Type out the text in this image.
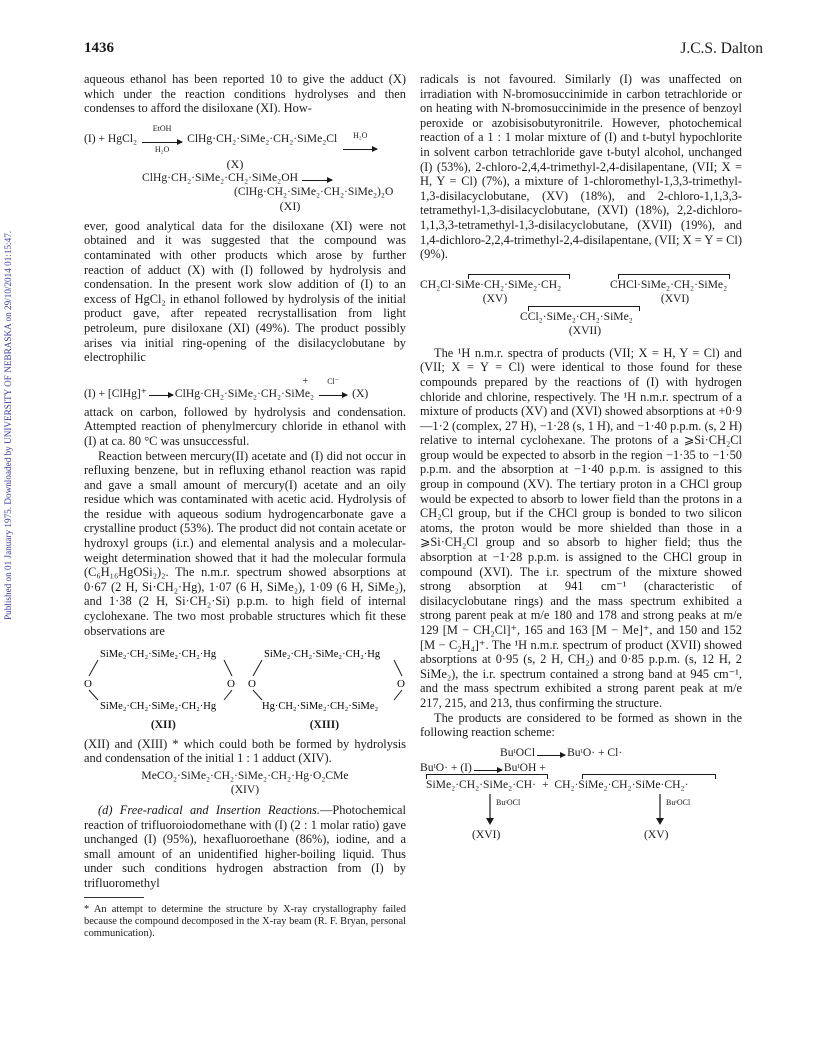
Published on 01 January 1975. Downloaded by UNIVERSITY OF NEBRASKA on 29/10/2014 01:15:47.
1436	J.C.S. Dalton

aqueous ethanol has been reported 10 to give the adduct (X) which under the reaction conditions hydrolyses and then condenses to afford the disiloxane (XI). How-

(I) + HgCl₂
EtOH
H₂O
ClHg·CH₂·SiMe₂·CH₂·SiMe₂Cl H₂O
(X)
ClHg·CH₂·SiMe₂·CH₂·SiMe₂OH
(ClHg·CH₂·SiMe₂·CH₂·SiMe₂)₂O
(XI)

ever, good analytical data for the disiloxane (XI) were not obtained and it was suggested that the compound was contaminated with other products which arose by further reaction of adduct (X) with (I) followed by hydrolysis and condensation. In the present work slow addition of (I) to an excess of HgCl₂ in ethanol followed by hydrolysis of the initial product gave, after repeated recrystallisation from light petroleum, pure disiloxane (XI) (49%). The product possibly arises via initial ring-opening of the disilacyclobutane by electrophilic

(I) + [ClHg]⁺ ClHg·CH₂·SiMe₂·CH₂·SiMe₂
+ Cl⁻
(X)

attack on carbon, followed by hydrolysis and condensation. Attempted reaction of phenylmercury chloride in ethanol with (I) at ca. 80 °C was unsuccessful.

Reaction between mercury(II) acetate and (I) did not occur in refluxing benzene, but in refluxing ethanol reaction was rapid and gave a small amount of mercury(I) acetate and an oily residue which was contaminated with acetic acid. Hydrolysis of the residue with aqueous sodium hydrogencarbonate gave a crystalline product (53%). The product did not contain acetate or hydroxyl groups (i.r.) and elemental analysis and a molecular-weight determination showed that it had the molecular formula (C₆H₁₆HgOSi₂)₂. The n.m.r. spectrum showed absorptions at 0·67 (2 H, Si·CH₂·Hg), 1·07 (6 H, SiMe₂), 1·09 (6 H, SiMe₂), and 1·38 (2 H, Si·CH₂·Si) p.p.m. to high field of internal cyclohexane. The two most probable structures which fit these observations are

SiMe₂·CH₂·SiMe₂·CH₂·Hg
O
SiMe₂·CH₂·SiMe₂·CH₂·Hg
O
SiMe₂·CH₂·SiMe₂·CH₂·Hg
O
Hg·CH₂·SiMe₂·CH₂·SiMe₂
O
(XII)	(XIII)

(XII) and (XIII) * which could both be formed by hydrolysis and condensation of the initial 1 : 1 adduct (XIV).

MeCO₂·SiMe₂·CH₂·SiMe₂·CH₂·Hg·O₂CMe
(XIV)

(d) Free-radical and Insertion Reactions.—Photochemical reaction of trifluoroiodomethane with (I) (2 : 1 molar ratio) gave unchanged (I) (95%), hexafluoroethane (86%), iodine, and a small amount of an unidentified higher-boiling liquid. Thus under such conditions hydrogen abstraction from (I) by trifluoromethyl

* An attempt to determine the structure by X-ray crystallography failed because the compound decomposed in the X-ray beam (R. F. Bryan, personal communication).

radicals is not favoured. Similarly (I) was unaffected on irradiation with N-bromosuccinimide in carbon tetrachloride or on heating with N-bromosuccinimide in the presence of benzoyl peroxide or azobisisobutyronitrile. However, photochemical reaction of a 1 : 1 molar mixture of (I) and t-butyl hypochlorite in solvent carbon tetrachloride gave t-butyl alcohol, unchanged (I) (53%), 2-chloro-2,4,4-trimethyl-2,4-disilapentane, (VII; X = H, Y = Cl) (7%), a mixture of 1-chloromethyl-1,3,3-trimethyl-1,3-disilacyclobutane, (XV) (18%), and 2-chloro-1,1,3,3-tetramethyl-1,3-disilacyclobutane, (XVI) (18%), 2,2-dichloro-1,1,3,3-tetramethyl-1,3-disilacyclobutane, (XVII) (19%), and 1,4-dichloro-2,2,4-trimethyl-2,4-disilapentane, (VII; X = Y = Cl) (9%).

CH₂Cl·SiMe·CH₂·SiMe₂·CH₂
(XV)
CHCl·SiMe₂·CH₂·SiMe₂
(XVI)
CCl₂·SiMe₂·CH₂·SiMe₂
(XVII)

The ¹H n.m.r. spectra of products (VII; X = H, Y = Cl) and (VII; X = Y = Cl) were identical to those found for these compounds prepared by the reactions of (I) with hydrogen chloride and chlorine, respectively. The ¹H n.m.r. spectrum of a mixture of products (XV) and (XVI) showed absorptions at +0·9—1·2 (complex, 27 H), −1·28 (s, 1 H), and −1·40 p.p.m. (s, 2 H) relative to internal cyclohexane. The protons of a ⩾Si·CH₂Cl group would be expected to absorb in the region −1·35 to −1·50 p.p.m. and the absorption at −1·40 p.p.m. is assigned to this group in compound (XV). The tertiary proton in a CHCl group would be expected to absorb to lower field than the protons in a CH₂Cl group, but if the CHCl group is bonded to two silicon atoms, the proton would be more shielded than those in a ⩾Si·CH₂Cl group and so absorb to higher field; thus the absorption at −1·28 p.p.m. is assigned to the CHCl group in compound (XVI). The i.r. spectrum of the mixture showed strong absorption at 941 cm⁻¹ (characteristic of disilacyclobutane rings) and the mass spectrum exhibited a strong parent peak at m/e 180 and 178 and strong peaks at m/e 129 [M − CH₂Cl]⁺, 165 and 163 [M − Me]⁺, and 150 and 152 [M − C₂H₄]⁺. The ¹H n.m.r. spectrum of product (XVII) showed absorptions at 0·95 (s, 2 H, CH₂) and 0·85 p.p.m. (s, 12 H, 2 SiMe₂), the i.r. spectrum contained a strong band at 945 cm⁻¹, and the mass spectrum exhibited a strong parent peak at m/e 217, 215, and 213, thus confirming the structure.

The products are considered to be formed as shown in the following reaction scheme:

BuᵗOCl	BuᵗO· + Cl·
BuᵗO· + (I)	BuᵗOH +
SiMe₂·CH₂·SiMe₂·CH· + CH₂·SiMe₂·CH₂·SiMe·CH₂·
BuᵗOCl	BuᵗOCl
(XVI)	(XV)
